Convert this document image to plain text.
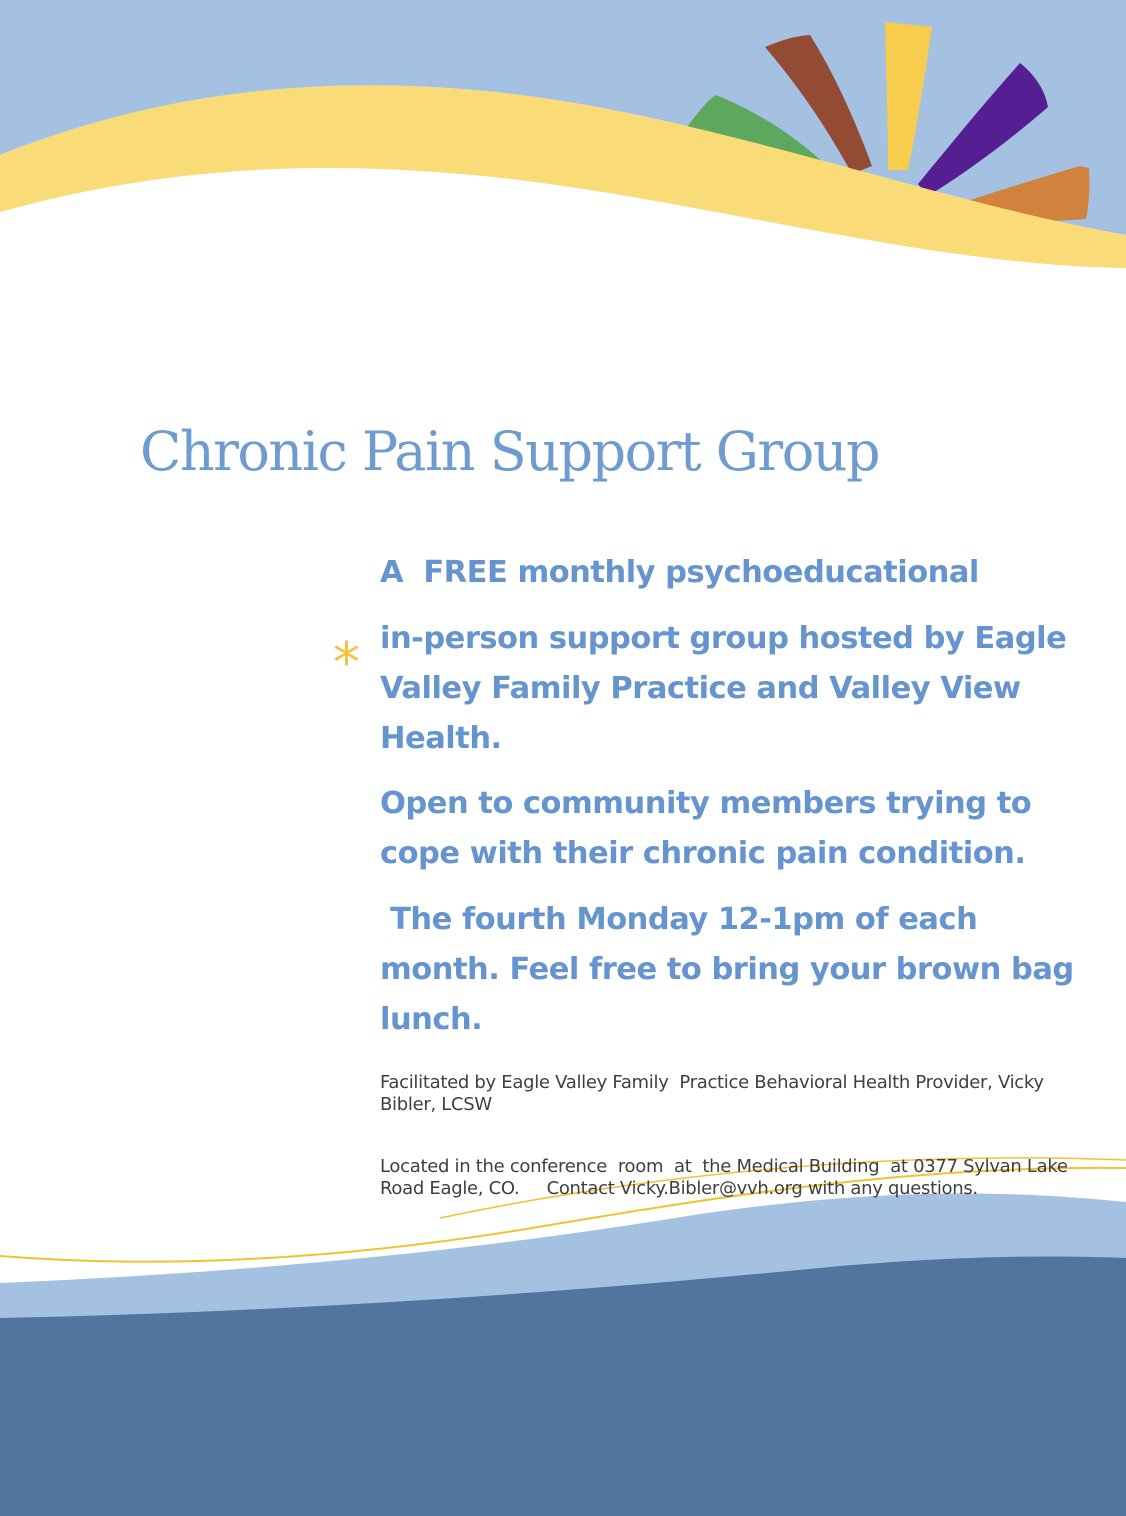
Chronic Pain Support Group

A  FREE monthly psychoeducational

* in-person support group hosted by Eagle Valley Family Practice and Valley View Health.

Open to community members trying to cope with their chronic pain condition.

The fourth Monday 12-1pm of each month. Feel free to bring your brown bag lunch.

Facilitated by Eagle Valley Family  Practice Behavioral Health Provider, Vicky Bibler, LCSW

Located in the conference  room  at  the Medical Building  at 0377 Sylvan Lake Road Eagle, CO.     Contact Vicky.Bibler@vvh.org with any questions.
